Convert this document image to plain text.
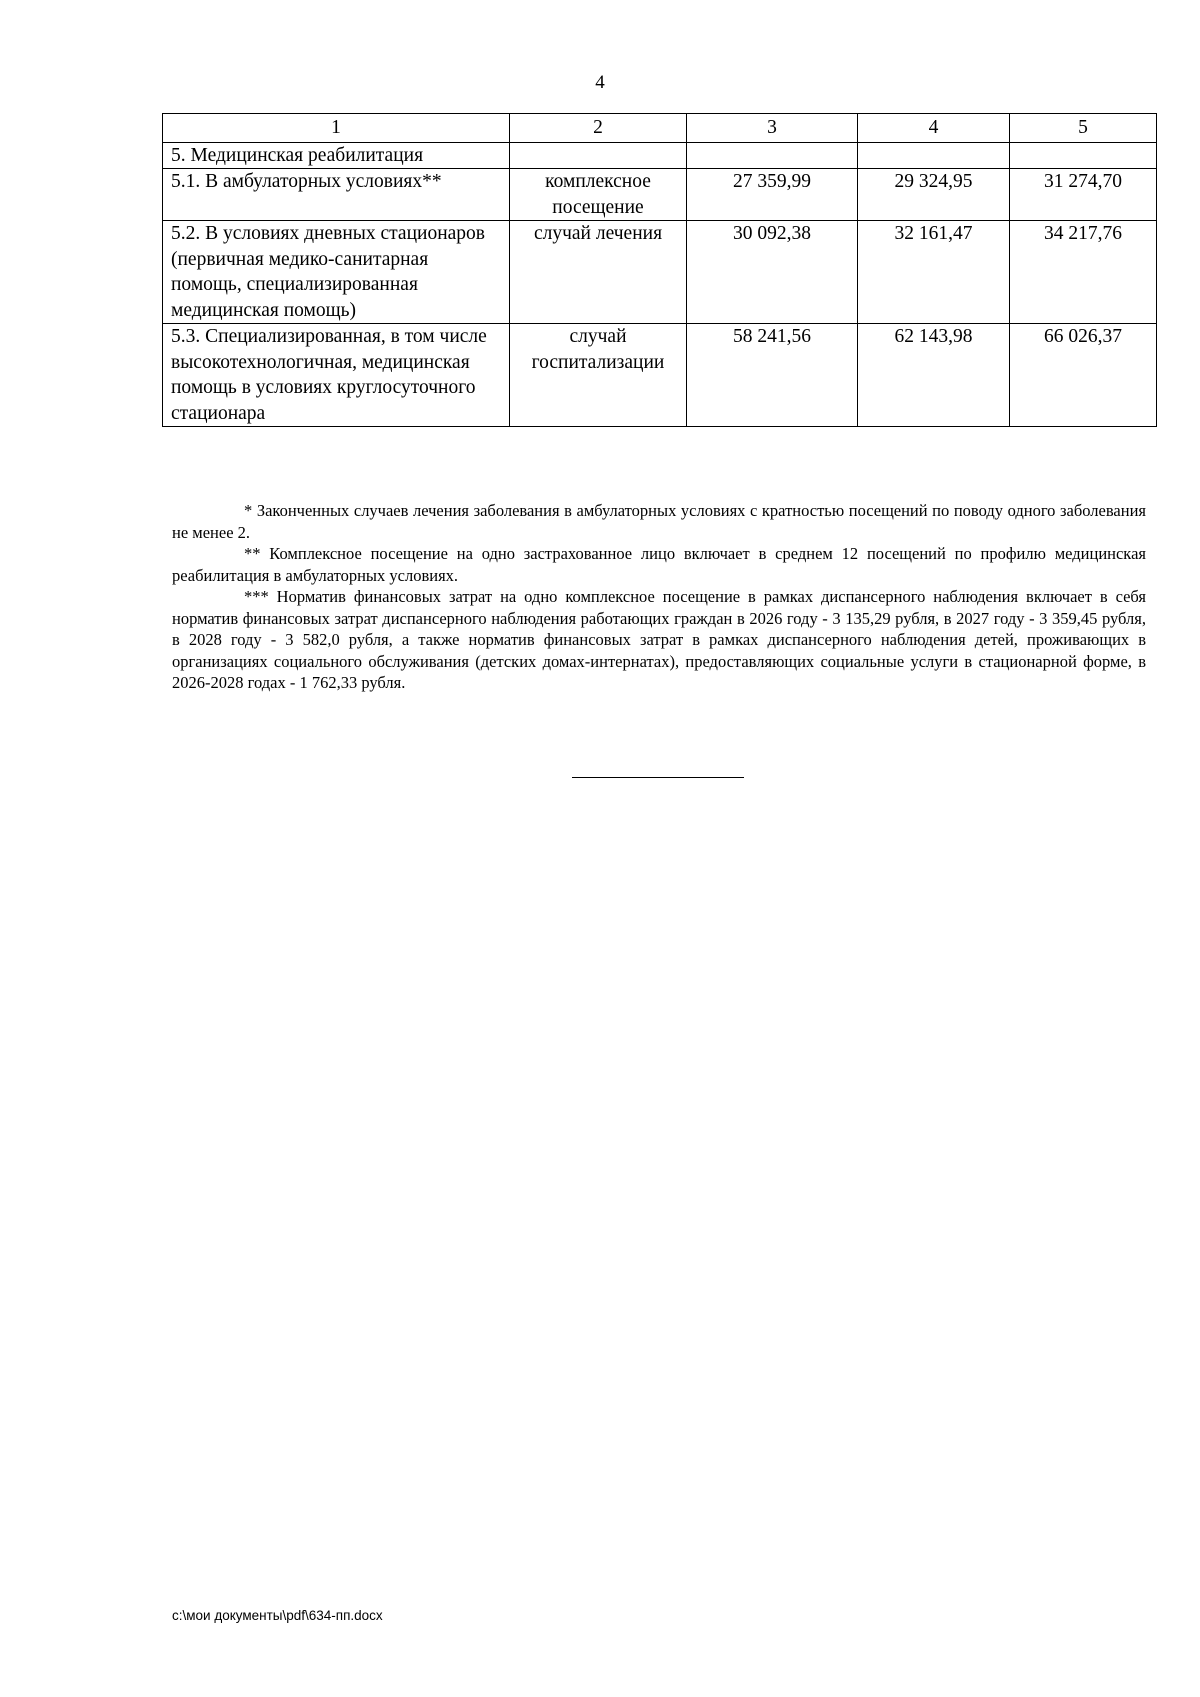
4
1	2	3	4	5
5. Медицинская реабилитация				
5.1. В амбулаторных условиях**	комплексное посещение	27 359,99	29 324,95	31 274,70
5.2. В условиях дневных стационаров (первичная медико-санитарная помощь, специализированная медицинская помощь)	случай лечения	30 092,38	32 161,47	34 217,76
5.3. Специализированная, в том числе высокотехнологичная, медицинская помощь в условиях круглосуточного стационара	случай госпитализации	58 241,56	62 143,98	66 026,37

* Законченных случаев лечения заболевания в амбулаторных условиях с кратностью посещений по поводу одного заболевания не менее 2.

** Комплексное посещение на одно застрахованное лицо включает в среднем 12 посещений по профилю медицинская реабилитация в амбулаторных условиях.

*** Норматив финансовых затрат на одно комплексное посещение в рамках диспансерного наблюдения включает в себя норматив финансовых затрат диспансерного наблюдения работающих граждан в 2026 году - 3 135,29 рубля, в 2027 году - 3 359,45 рубля, в 2028 году - 3 582,0 рубля, а также норматив финансовых затрат в рамках диспансерного наблюдения детей, проживающих в организациях социального обслуживания (детских домах-интернатах), предоставляющих социальные услуги в стационарной форме, в 2026-2028 годах - 1 762,33 рубля.

c:\мои документы\pdf\634-пп.docx
